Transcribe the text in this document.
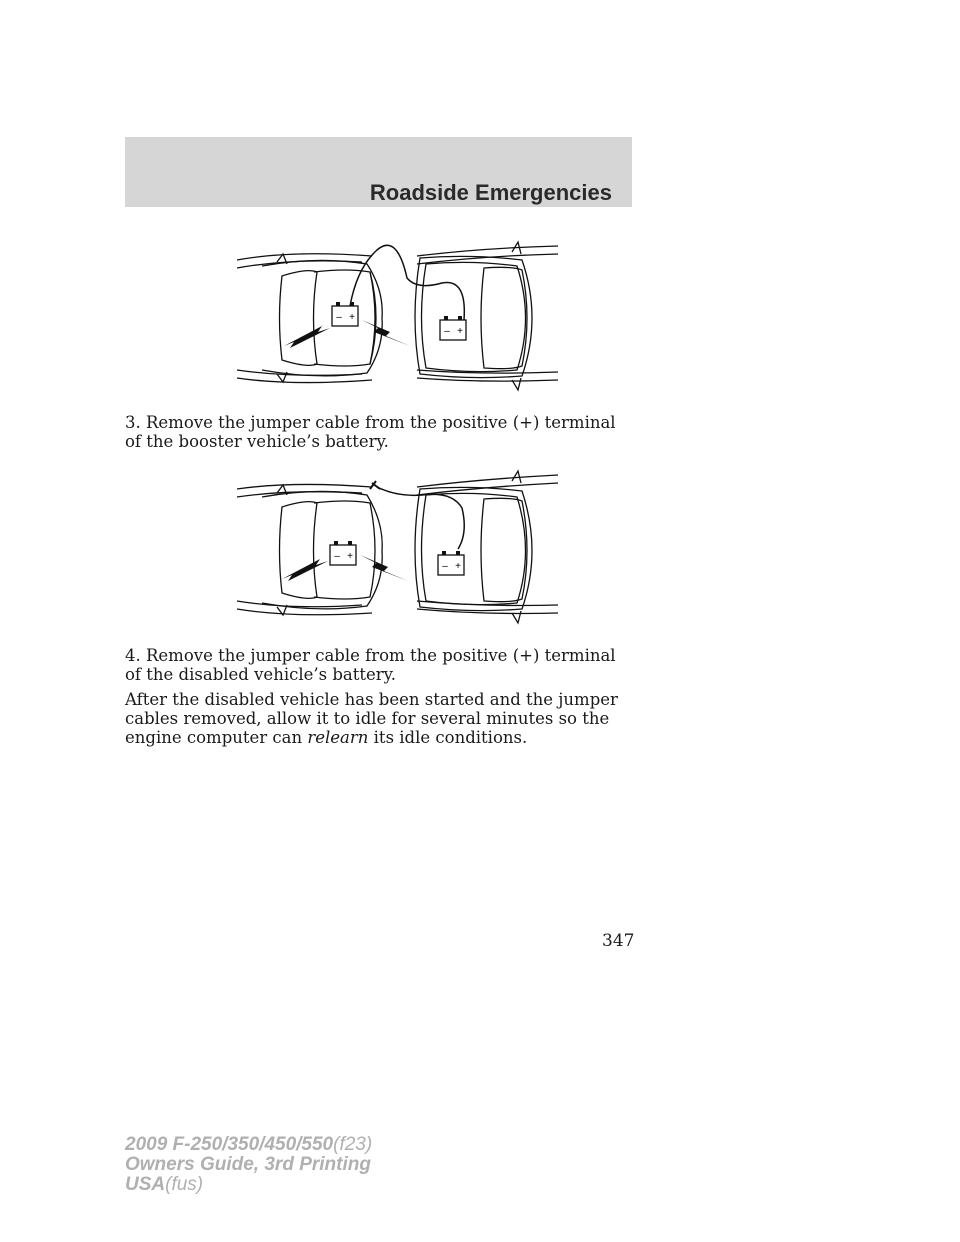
Roadside Emergencies
– +
– +
3. Remove the jumper cable from the positive (+) terminal of the booster vehicle’s battery.
– +
– +
4. Remove the jumper cable from the positive (+) terminal of the disabled vehicle’s battery.
After the disabled vehicle has been started and the jumper cables removed, allow it to idle for several minutes so the engine computer can relearn its idle conditions.
347
2009 F-250/350/450/550(f23)
Owners Guide, 3rd Printing
USA(fus)
